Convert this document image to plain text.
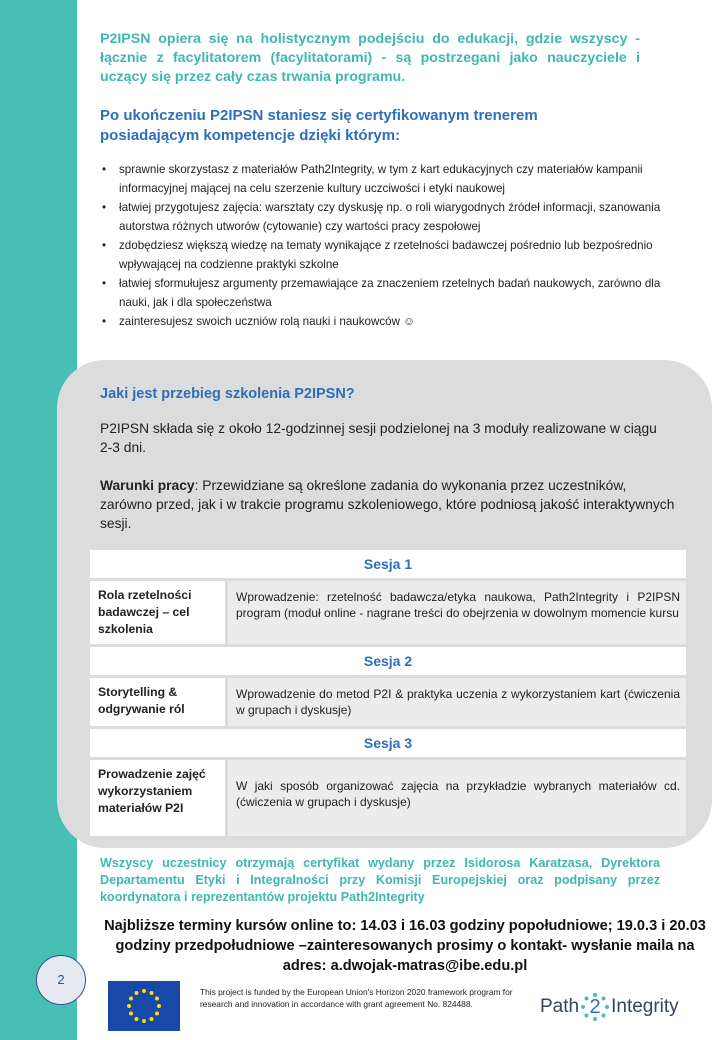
P2IPSN opiera się na holistycznym podejściu do edukacji, gdzie wszyscy - łącznie z facylitatorem (facylitatorami) - są postrzegani jako nauczyciele i uczący się przez cały czas trwania programu.
Po ukończeniu P2IPSN staniesz się certyfikowanym trenerem posiadającym kompetencje dzięki którym:
• sprawnie skorzystasz z materiałów Path2Integrity, w tym z kart edukacyjnych czy materiałów kampanii informacyjnej mającej na celu szerzenie kultury uczciwości i etyki naukowej
• łatwiej przygotujesz zajęcia: warsztaty czy dyskusję np. o roli wiarygodnych źródeł informacji, szanowania autorstwa różnych utworów (cytowanie) czy wartości pracy zespołowej
• zdobędziesz większą wiedzę na tematy wynikające z rzetelności badawczej pośrednio lub bezpośrednio wpływającej na codzienne praktyki szkolne
• łatwiej sformułujesz argumenty przemawiające za znaczeniem rzetelnych badań naukowych, zarówno dla nauki, jak i dla społeczeństwa
• zainteresujesz swoich uczniów rolą nauki i naukowców ☺
Jaki jest przebieg szkolenia P2IPSN?
P2IPSN składa się z około 12-godzinnej sesji podzielonej na 3 moduły realizowane w ciągu 2-3 dni.
Warunki pracy: Przewidziane są określone zadania do wykonania przez uczestników, zarówno przed, jak i w trakcie programu szkoleniowego, które podniosą jakość interaktywnych sesji.
Sesja 1
Rola rzetelności badawczej – cel szkolenia
Wprowadzenie: rzetelność badawcza/etyka naukowa, Path2Integrity i P2IPSN program (moduł online - nagrane treści do obejrzenia w dowolnym momencie kursu
Sesja 2
Storytelling & odgrywanie ról
Wprowadzenie do metod P2I & praktyka uczenia z wykorzystaniem kart (ćwiczenia w grupach i dyskusje)
Sesja 3
Prowadzenie zajęć wykorzystaniem materiałów P2I
W jaki sposób organizować zajęcia na przykładzie wybranych materiałów cd. (ćwiczenia w grupach i dyskusje)
Wszyscy uczestnicy otrzymają certyfikat wydany przez Isidorosa Karatzasa, Dyrektora Departamentu Etyki i Integralności przy Komisji Europejskiej oraz podpisany przez koordynatora i reprezentantów projektu Path2Integrity
Najbliższe terminy kursów online to: 14.03 i 16.03 godziny popołudniowe; 19.0.3 i 20.03 godziny przedpołudniowe –zainteresowanych prosimy o kontakt- wysłanie maila na adres: a.dwojak-matras@ibe.edu.pl
2
This project is funded by the European Union's Horizon 2020 framework program for research and innovation in accordance with grant agreement No. 824488.	Path 2 Integrity
